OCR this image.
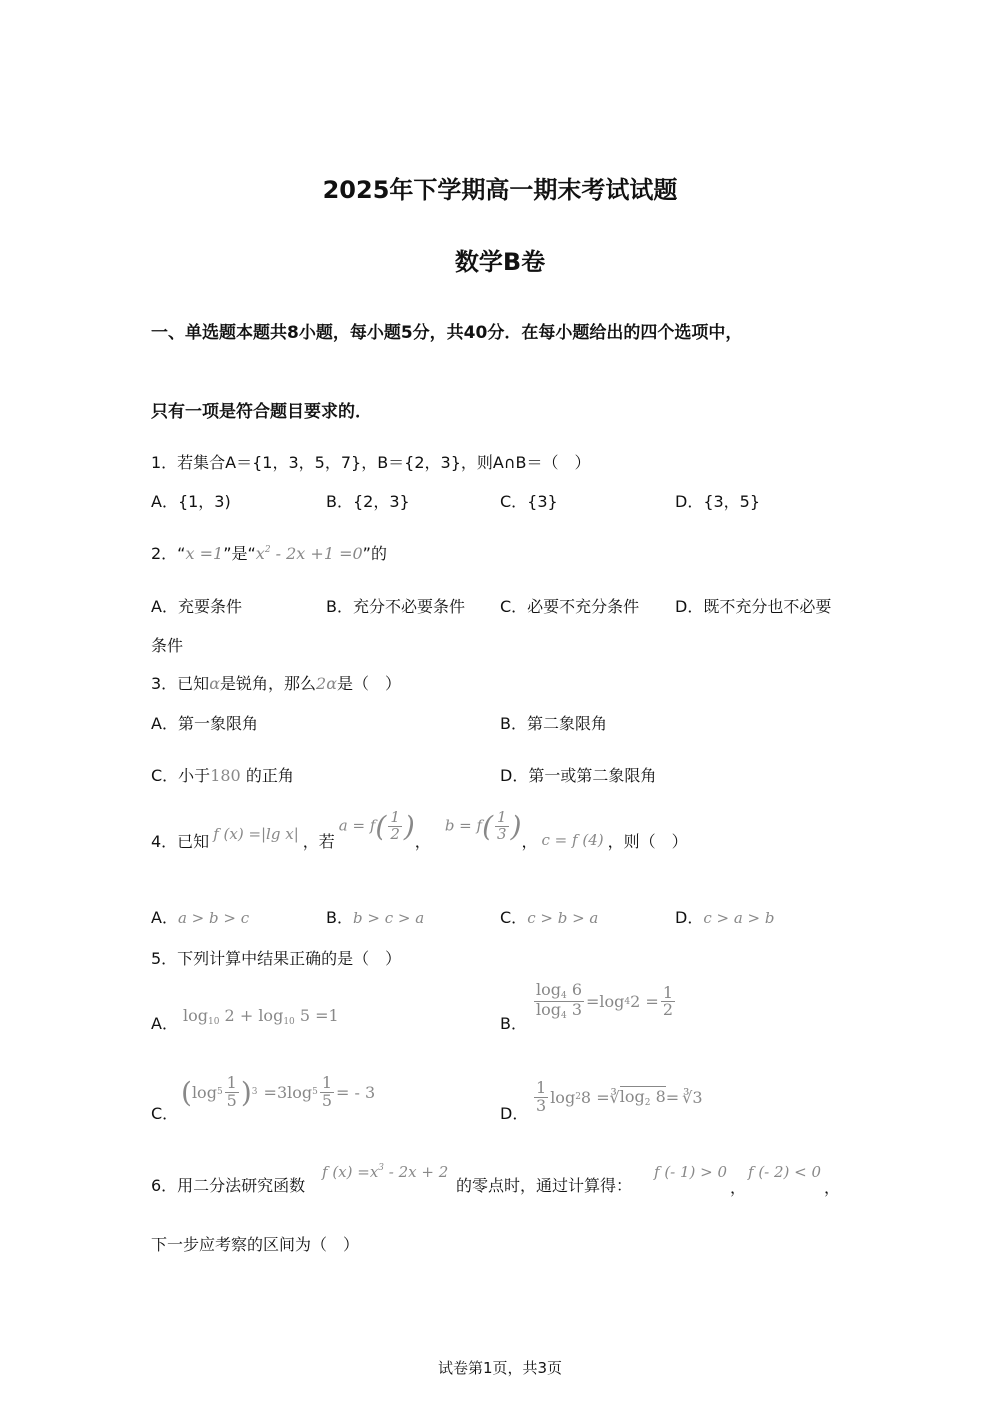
2025年下学期高一期末考试试题
数学B卷
一、单选题本题共8小题，每小题5分，共40分．在每小题给出的四个选项中，
只有一项是符合题目要求的．
1．若集合A＝{1，3，5，7}，B＝{2，3}，则A∩B＝（　）
A．{1，3)	B．{2，3}	C．{3}	D．{3，5}
2．“x =1”是“$x^2 - 2x +1 =0$”的
A．充要条件	B．充分不必要条件 C．必要不充分条件 D．既不充分也不必要
条件
3．已知α是锐角，那么2α是（　）
A．第一象限角	B．第二象限角
C．小于180 的正角	D．第一或第二象限角
4．已知 f (x) =|lg x| ，若
$a = f( \frac{1}{2}$ ) ，
$b = f( \frac{1}{3}$ ) ， c = f (4) ，则（　）
A．a > b > c	B．b > c > a	C．c > b > a	D．c > a > b
5．下列计算中结果正确的是（　）
A． $\log_{10} 2 + \log_{10} 5 =1$	B．
$\frac{\log_4 6}{\log_4 3} =\log$ 4 $2 = \frac{1}{2}$
C．
( $\log 5 \frac{1}{5}$ ) 3 =3log $5 \frac{1}{5}$ = - 3
D． $\frac{1}{3}$ log 2 8 = ∛ $\log_2 8$ = ∛3
6．用二分法研究函数
f $(x) =x^3 - 2x + 2$
的零点时，通过计算得：
f (- 1) > 0
，
f (- 2) < 0
，
下一步应考察的区间为（　）
试卷第1页，共3页
